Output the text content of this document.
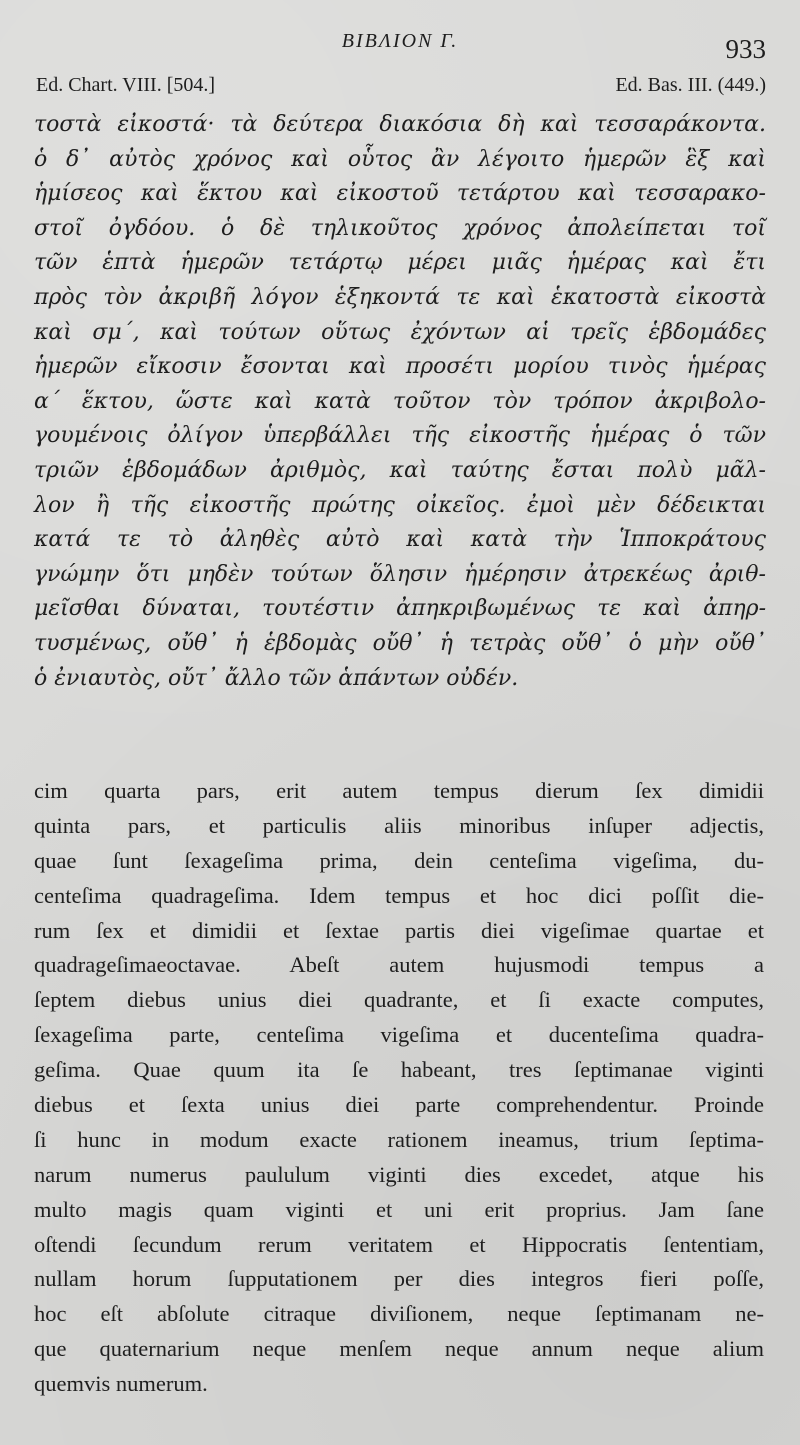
BIBΛIOΝ Γ.	933
Ed. Chart. VIII. [504.]	Ed. Bas. III. (449.)
τοστὰ εἰκοστά· τὰ δεύτερα διακόσια δὴ καὶ τεσσαράκοντα.
ὁ δ᾽ αὐτὸς χρόνος καὶ οὗτος ἂν λέγοιτο ἡμερῶν ἓξ καὶ
ἡμίσεος καὶ ἕκτου καὶ εἰκοστοῦ τετάρτου καὶ τεσσαρακο-
στοῖ ὀγδόου. ὁ δὲ τηλικοῦτος χρόνος ἀπολείπεται τοῖ
τῶν ἑπτὰ ἡμερῶν τετάρτῳ μέρει μιᾶς ἡμέρας καὶ ἔτι
πρὸς τὸν ἀκριβῆ λόγον ἑξηκοντά τε καὶ ἑκατοστὰ εἰκοστὰ
καὶ σμ΄, καὶ τούτων οὕτως ἐχόντων αἱ τρεῖς ἑβδομάδες
ἡμερῶν εἴκοσιν ἔσονται καὶ προσέτι μορίου τινὸς ἡμέρας
α΄ ἕκτου, ὥστε καὶ κατὰ τοῦτον τὸν τρόπον ἀκριβολο-
γουμένοις ὀλίγον ὑπερβάλλει τῆς εἰκοστῆς ἡμέρας ὁ τῶν
τριῶν ἑβδομάδων ἀριθμὸς, καὶ ταύτης ἔσται πολὺ μᾶλ-
λον ἢ τῆς εἰκοστῆς πρώτης οἰκεῖος. ἐμοὶ μὲν δέδεικται
κατά τε τὸ ἀληθὲς αὐτὸ καὶ κατὰ τὴν Ἱπποκράτους
γνώμην ὅτι μηδὲν τούτων ὅλησιν ἡμέρησιν ἀτρεκέως ἀριθ-
μεῖσθαι δύναται, τουτέστιν ἀπηκριβωμένως τε καὶ ἀπηρ-
τυσμένως, οὔθ᾽ ἡ ἑβδομὰς οὔθ᾽ ἡ τετρὰς οὔθ᾽ ὁ μὴν οὔθ᾽
ὁ ἐνιαυτὸς, οὔτ᾽ ἄλλο τῶν ἁπάντων οὐδέν.
cim quarta pars, erit autem tempus dierum ſex dimidii
quinta pars, et particulis aliis minoribus inſuper adjectis,
quae ſunt ſexageſima prima, dein centeſima vigeſima, du-
centeſima quadrageſima. Idem tempus et hoc dici poſſit die-
rum ſex et dimidii et ſextae partis diei vigeſimae quartae et
quadrageſimaeoctavae. Abeſt autem hujusmodi tempus a
ſeptem diebus unius diei quadrante, et ſi exacte computes,
ſexageſima parte, centeſima vigeſima et ducenteſima quadra-
geſima. Quae quum ita ſe habeant, tres ſeptimanae viginti
diebus et ſexta unius diei parte comprehendentur. Proinde
ſi hunc in modum exacte rationem ineamus, trium ſeptima-
narum numerus paululum viginti dies excedet, atque his
multo magis quam viginti et uni erit proprius. Jam ſane
oſtendi ſecundum rerum veritatem et Hippocratis ſententiam,
nullam horum ſupputationem per dies integros fieri poſſe,
hoc eſt abſolute citraque diviſionem, neque ſeptimanam ne-
que quaternarium neque menſem neque annum neque alium
quemvis numerum.
